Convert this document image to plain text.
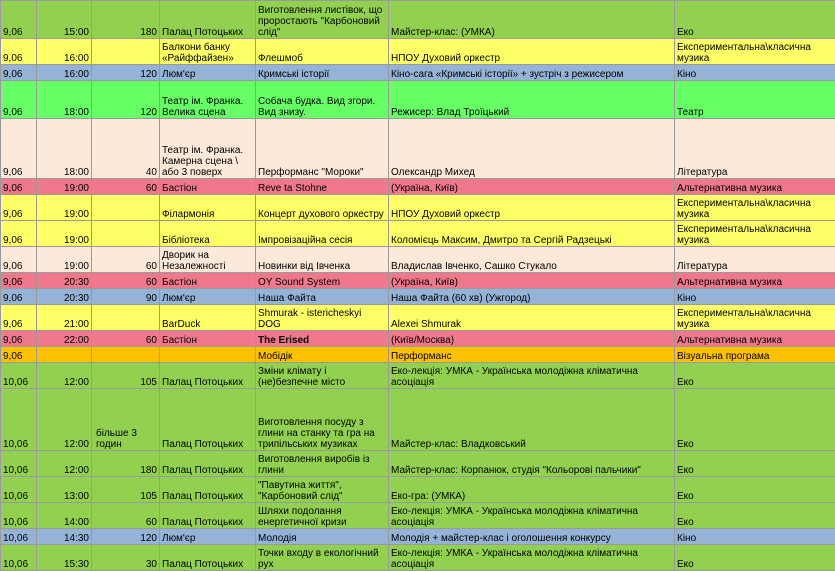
9,06	15:00	180	Палац Потоцьких	Виготовлення листівок, що проростають "Карбоновий слід"	Майстер-клас: (УМКА)	Еко
9,06	16:00		Балкони банку «Райффайзен»	Флешмоб	НПОУ Духовий оркестр	Експериментальна\класична музика
9,06	16:00	120	Люм'єр	Кримські історії	Кіно-сага «Кримські історії» + зустріч з режисером	Кіно
9,06	18:00	120	Театр ім. Франка. Велика сцена	Собача будка. Вид згори. Вид знизу.	Режисер: Влад Троїцький	Театр
9,06	18:00	40	Театр ім. Франка. Камерна сцена \ або 3 поверх	Перформанс "Мороки"	Олександр Михед	Література
9,06	19:00	60	Бастіон	Reve ta Stohne	(Україна, Київ)	Альтернативна музика
9,06	19:00		Філармонія	Концерт духового оркестру	НПОУ Духовий оркестр	Експериментальна\класична музика
9,06	19:00		Бібліотека	Імпровізаційна сесія	Коломієць Максим, Дмитро та Сергій Радзецькі	Експериментальна\класична музика
9,06	19:00	60	Дворик на Незалежності	Новинки від Івченка	Владислав Івченко, Сашко Стукало	Література
9,06	20:30	60	Бастіон	OY Sound System	(Україна, Київ)	Альтернативна музика
9,06	20:30	90	Люм'єр	Наша Файта	Наша Файта (60 хв) (Ужгород)	Кіно
9,06	21:00		BarDuck	Shmurak - istericheskyi DOG	Alexei Shmurak	Експериментальна\класична музика
9,06	22:00	60	Бастіон	The Erised	(Київ/Москва)	Альтернативна музика
9,06				Мобідік	Перформанс	Візуальна програма
10,06	12:00	105	Палац Потоцьких	Зміни клімату і (не)безпечне місто	Еко-лекція: УМКА - Українська молодіжна кліматична асоціація	Еко
10,06	12:00	більше 3 годин	Палац Потоцьких	Виготовлення посуду з глини на станку та гра на трипільських музиках	Майстер-клас: Владковський	Еко
10,06	12:00	180	Палац Потоцьких	Виготовлення виробів із глини	Майстер-клас: Корпанюк, студія "Кольорові пальчики"	Еко
10,06	13:00	105	Палац Потоцьких	"Павутина життя", "Карбоновий слід"	Еко-гра: (УМКА)	Еко
10,06	14:00	60	Палац Потоцьких	Шляхи подолання енергетичної кризи	Еко-лекція: УМКА - Українська молодіжна кліматична асоціація	Еко
10,06	14:30	120	Люм'єр	Молодія	Молодія + майстер-клас і оголошення конкурсу	Кіно
10,06	15:30	30	Палац Потоцьких	Точки входу в екологічний рух	Еко-лекція: УМКА - Українська молодіжна кліматична асоціація	Еко
